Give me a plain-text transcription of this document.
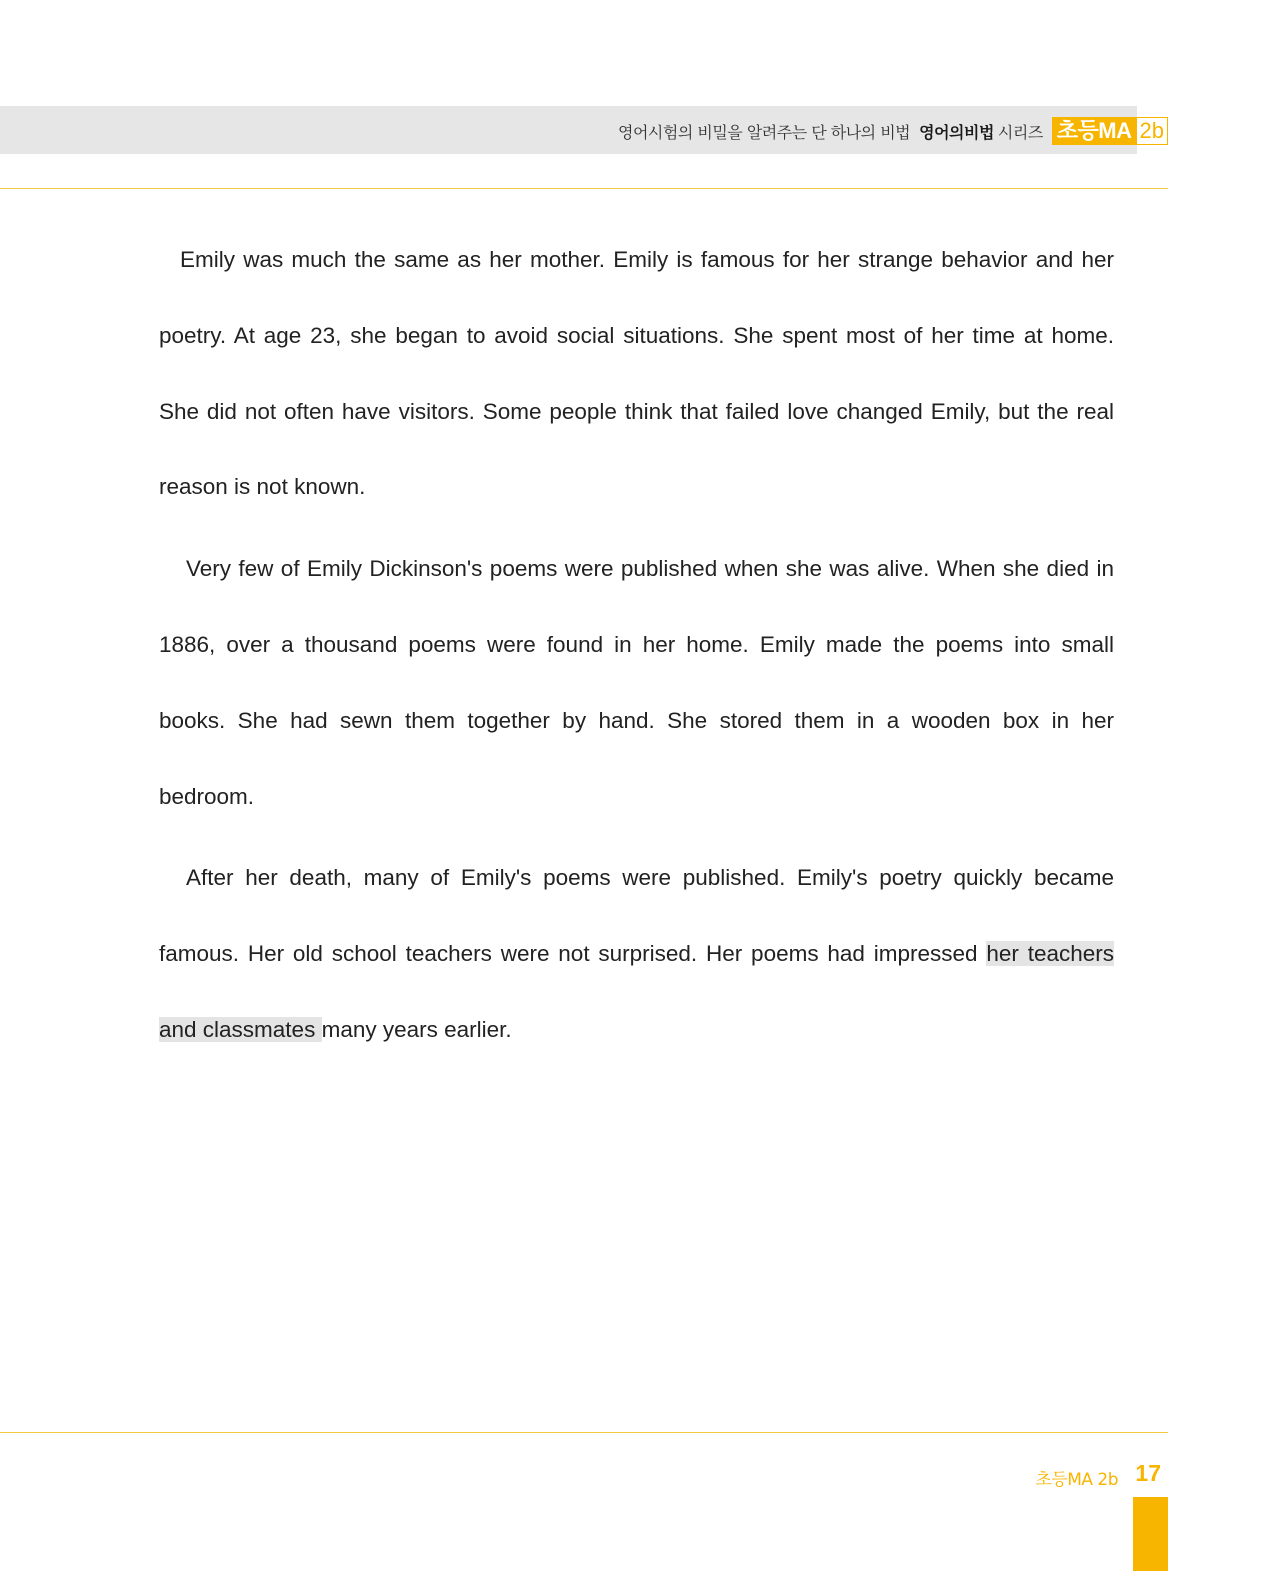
영어시험의 비밀을 알려주는 단 하나의 비법 영어의비법 시리즈 초등MA 2b

Emily was much the same as her mother. Emily is famous for her strange behavior and her poetry. At age 23, she began to avoid social situations. She spent most of her time at home. She did not often have visitors. Some people think that failed love changed Emily, but the real reason is not known.

Very few of Emily Dickinson's poems were published when she was alive. When she died in 1886, over a thousand poems were found in her home. Emily made the poems into small books. She had sewn them together by hand. She stored them in a wooden box in her bedroom.

After her death, many of Emily's poems were published. Emily's poetry quickly became famous. Her old school teachers were not surprised. Her poems had impressed her teachers and classmates many years earlier.

초등MA 2b 17
